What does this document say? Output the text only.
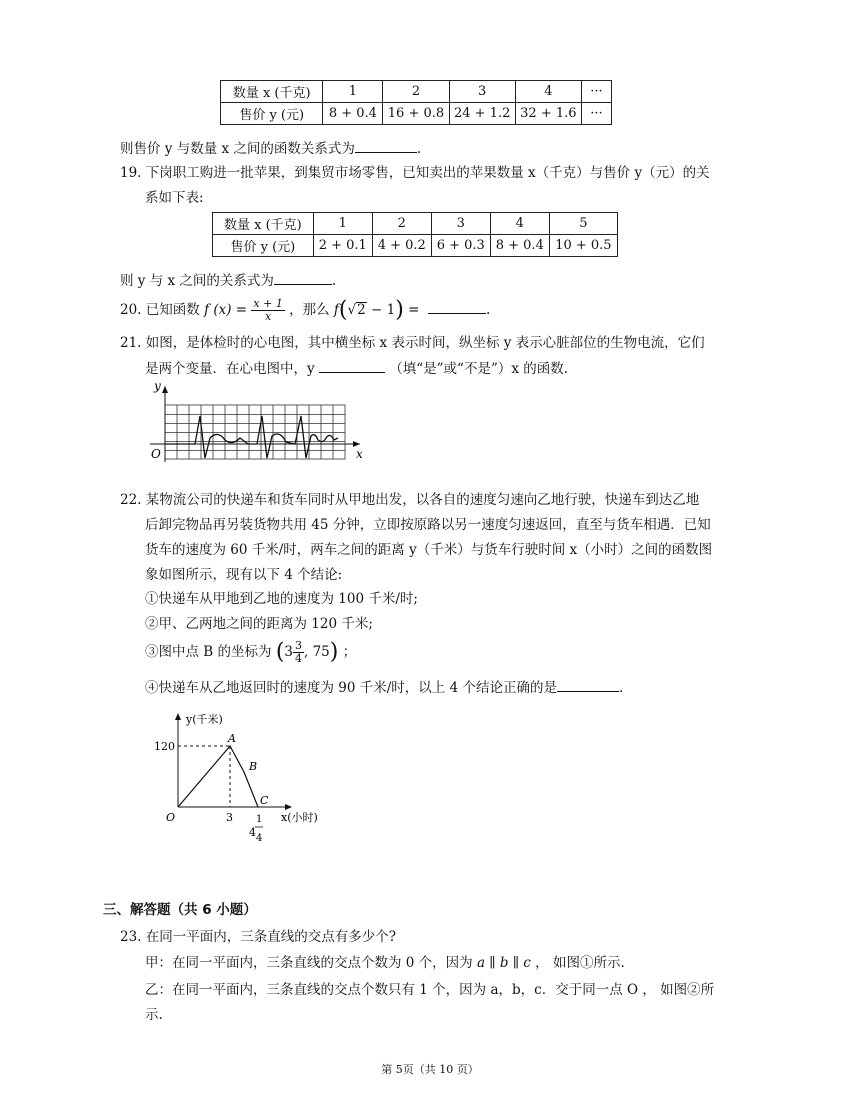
数量 x (千克)	1	2	3	4	···
售价 y (元)	8 + 0.4	16 + 0.8	24 + 1.2	32 + 1.6	···
则售价 y 与数量 x 之间的函数关系式为	.
19. 下岗职工购进一批苹果，到集贸市场零售，已知卖出的苹果数量 x（千克）与售价 y（元）的关
系如下表:
数量 x (千克)	1	2	3	4	5
售价 y (元)	2 + 0.1	4 + 0.2	6 + 0.3	8 + 0.4	10 + 0.5
则 y 与 x 之间的关系式为	.
20. 已知函数 f $(x) = \frac{x + 1}{x}$ ，那么 f(√2 − 1) =	.
21. 如图，是体检时的心电图，其中横坐标 x 表示时间，纵坐标 y 表示心脏部位的生物电流，它们
是两个变量．在心电图中，y	（填“是”或“不是”）x 的函数.
y
x
O
22. 某物流公司的快递车和货车同时从甲地出发，以各自的速度匀速向乙地行驶，快递车到达乙地
后卸完物品再另装货物共用 45 分钟，立即按原路以另一速度匀速返回，直至与货车相遇．已知
货车的速度为 60 千米/时，两车之间的距离 y（千米）与货车行驶时间 x（小时）之间的函数图
象如图所示，现有以下 4 个结论:
①快递车从甲地到乙地的速度为 100 千米/时;
②甲、乙两地之间的距离为 120 千米;
③图中点 B 的坐标为 ($3 \frac{3}{4}$ , 75) ；
④快递车从乙地返回时的速度为 90 千米/时，以上 4 个结论正确的是	.
y(千米)
x(小时)
120
3
4
1
4
O
A
B
C
三、解答题（共 6 小题）
23. 在同一平面内，三条直线的交点有多少个?
甲：在同一平面内，三条直线的交点个数为 0 个，因为 a ∥ b ∥ c ， 如图①所示.
乙：在同一平面内，三条直线的交点个数只有 1 个，因为 a，b，c．交于同一点 O ， 如图②所
示.
第 5页（共 10 页）
